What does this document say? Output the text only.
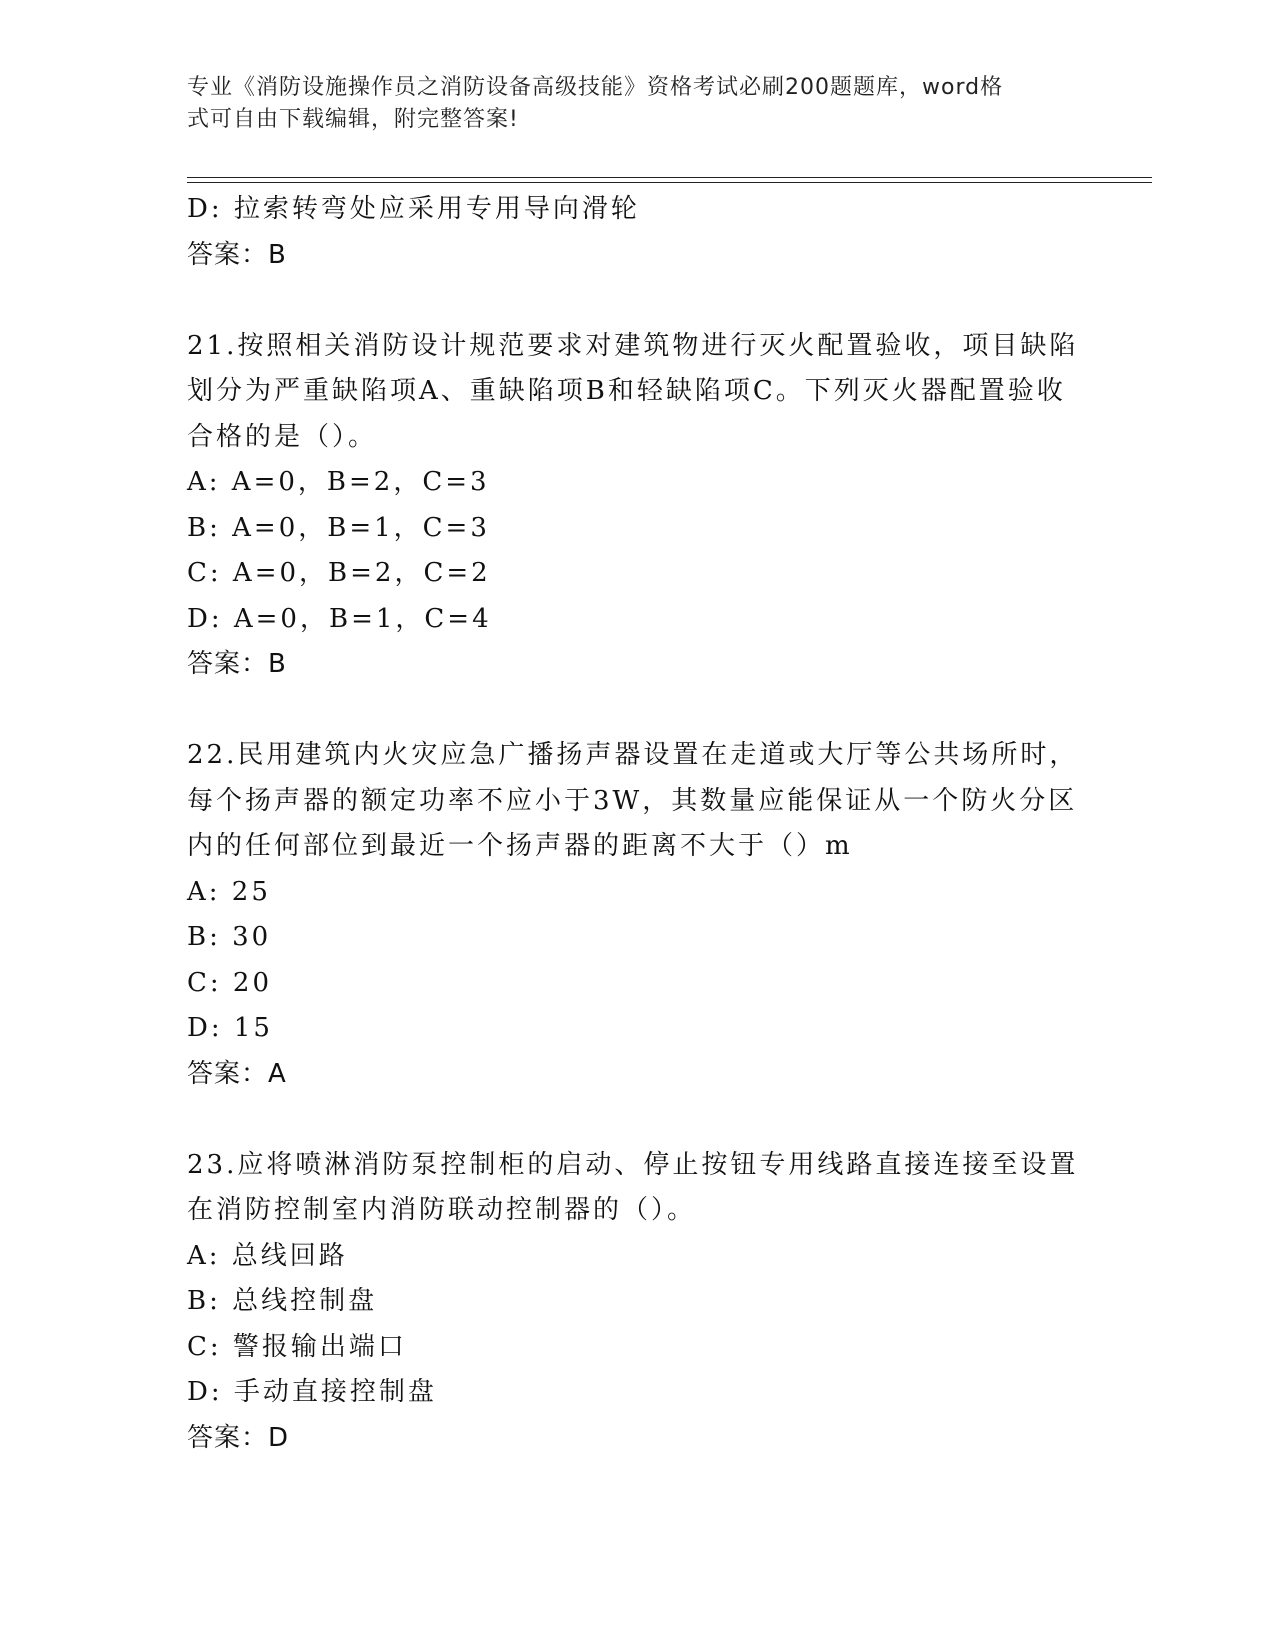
专业《消防设施操作员之消防设备高级技能》资格考试必刷200题题库，word格
式可自由下载编辑，附完整答案!
D: 拉索转弯处应采用专用导向滑轮
答案：B
21.按照相关消防设计规范要求对建筑物进行灭火配置验收，项目缺陷
划分为严重缺陷项A、重缺陷项B和轻缺陷项C。下列灭火器配置验收
合格的是（）。
A: A=0，B=2，C=3
B: A=0，B=1，C=3
C: A=0，B=2，C=2
D: A=0，B=1，C=4
答案：B
22.民用建筑内火灾应急广播扬声器设置在走道或大厅等公共场所时，
每个扬声器的额定功率不应小于3W，其数量应能保证从一个防火分区
内的任何部位到最近一个扬声器的距离不大于（）m
A: 25
B: 30
C: 20
D: 15
答案：A
23.应将喷淋消防泵控制柜的启动、停止按钮专用线路直接连接至设置
在消防控制室内消防联动控制器的（）。
A: 总线回路
B: 总线控制盘
C: 警报输出端口
D: 手动直接控制盘
答案：D
